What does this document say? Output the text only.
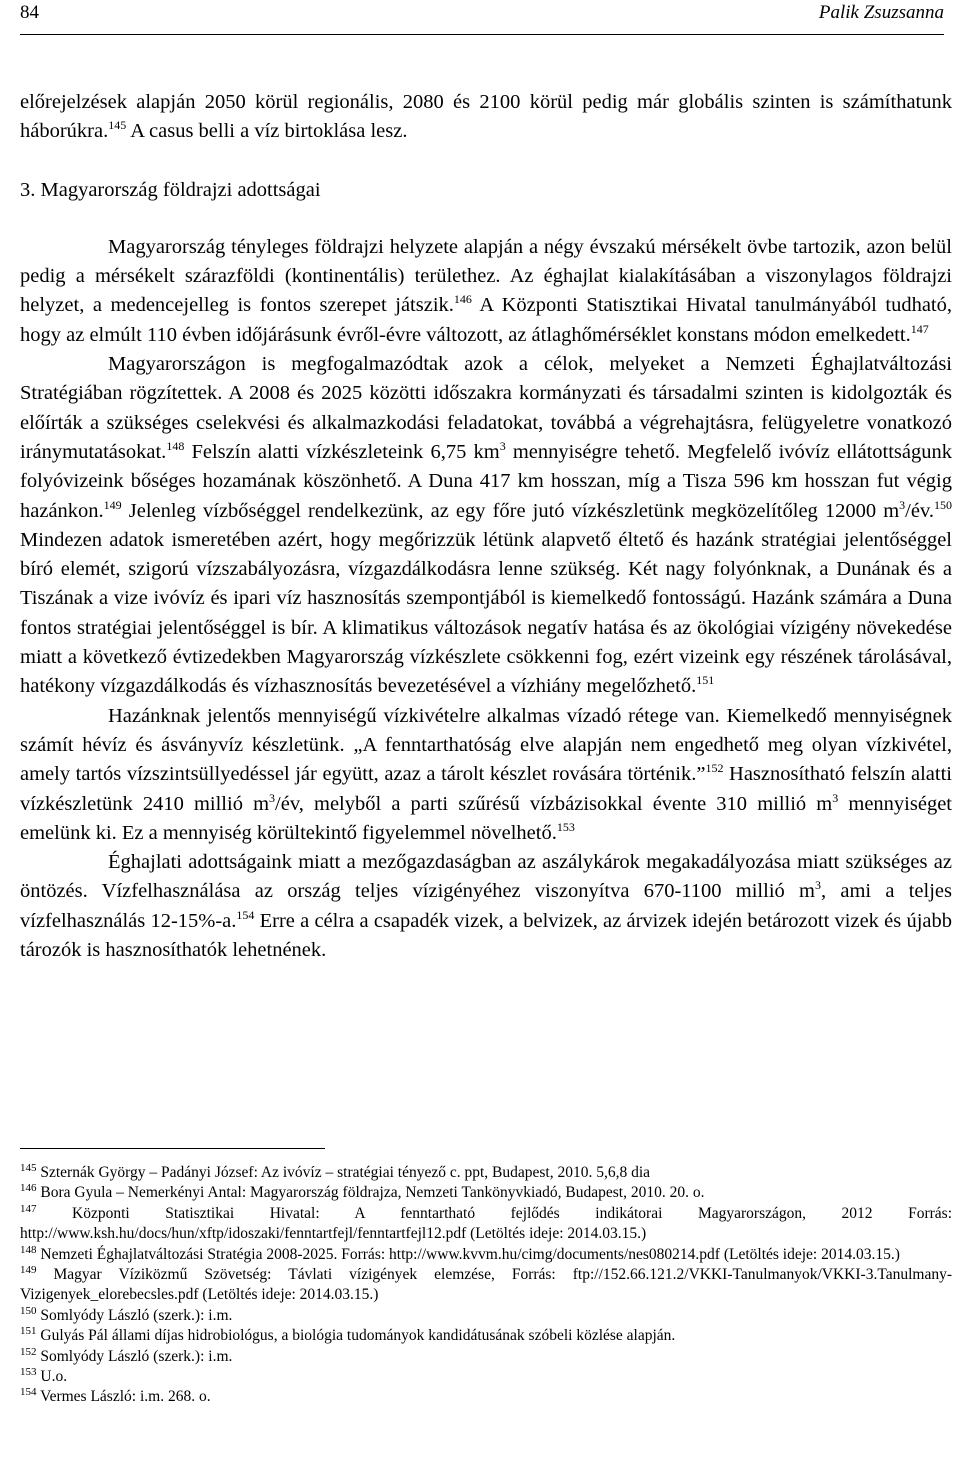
84	Palik Zsuzsanna

előrejelzések alapján 2050 körül regionális, 2080 és 2100 körül pedig már globális szinten is számíthatunk háborúkra.$^{145}$ A casus belli a víz birtoklása lesz.

3. Magyarország földrajzi adottságai

Magyarország tényleges földrajzi helyzete alapján a négy évszakú mérsékelt övbe tartozik, azon belül pedig a mérsékelt szárazföldi (kontinentális) területhez. Az éghajlat kialakításában a viszonylagos földrajzi helyzet, a medencejelleg is fontos szerepet játszik.$^{146}$ A Központi Statisztikai Hivatal tanulmányából tudható, hogy az elmúlt 110 évben időjárásunk évről-évre változott, az átlaghőmérséklet konstans módon emelkedett.$^{147}$

Magyarországon is megfogalmazódtak azok a célok, melyeket a Nemzeti Éghajlatváltozási Stratégiában rögzítettek. A 2008 és 2025 közötti időszakra kormányzati és társadalmi szinten is kidolgozták és előírták a szükséges cselekvési és alkalmazkodási feladatokat, továbbá a végrehajtásra, felügyeletre vonatkozó iránymutatásokat.$^{148}$ Felszín alatti vízkészleteink 6,75 $km^3$ mennyiségre tehető. Megfelelő ivóvíz ellátottságunk folyóvizeink bőséges hozamának köszönhető. A Duna 417 km hosszan, míg a Tisza 596 km hosszan fut végig hazánkon.$^{149}$ Jelenleg vízbőséggel rendelkezünk, az egy főre jutó vízkészletünk megközelítőleg 12000 $m^3/év.^{150}$ Mindezen adatok ismeretében azért, hogy megőrizzük létünk alapvető éltető és hazánk stratégiai jelentőséggel bíró elemét, szigorú vízszabályozásra, vízgazdálkodásra lenne szükség. Két nagy folyónknak, a Dunának és a Tiszának a vize ivóvíz és ipari víz hasznosítás szempontjából is kiemelkedő fontosságú. Hazánk számára a Duna fontos stratégiai jelentőséggel is bír. A klimatikus változások negatív hatása és az ökológiai vízigény növekedése miatt a következő évtizedekben Magyarország vízkészlete csökkenni fog, ezért vizeink egy részének tárolásával, hatékony vízgazdálkodás és vízhasznosítás bevezetésével a vízhiány megelőzhető.$^{151}$

Hazánknak jelentős mennyiségű vízkivételre alkalmas vízadó rétege van. Kiemelkedő mennyiségnek számít hévíz és ásványvíz készletünk. „A fenntarthatóság elve alapján nem engedhető meg olyan vízkivétel, amely tartós vízszintsüllyedéssel jár együtt, azaz a tárolt készlet rovására történik.”$^{152}$ Hasznosítható felszín alatti vízkészletünk 2410 millió $m^3/év$, melyből a parti szűrésű vízbázisokkal évente 310 millió $m^3$ mennyiséget emelünk ki. Ez a mennyiség körültekintő figyelemmel növelhető.$^{153}$

Éghajlati adottságaink miatt a mezőgazdaságban az aszálykárok megakadályozása miatt szükséges az öntözés. Vízfelhasználása az ország teljes vízigényéhez viszonyítva 670-1100 millió $m^3$, ami a teljes vízfelhasználás 12-15%-a.$^{154}$ Erre a célra a csapadék vizek, a belvizek, az árvizek idején betározott vizek és újabb tározók is hasznosíthatók lehetnének.

$^{145}$ Szternák György – Padányi József: Az ivóvíz – stratégiai tényező c. ppt, Budapest, 2010. 5,6,8 dia

$^{146}$ Bora Gyula – Nemerkényi Antal: Magyarország földrajza, Nemzeti Tankönyvkiadó, Budapest, 2010. 20. o.

$^{147}$ Központi Statisztikai Hivatal: A fenntartható fejlődés indikátorai Magyarországon, 2012 Forrás: http://www.ksh.hu/docs/hun/xftp/idoszaki/fenntartfejl/fenntartfejl12.pdf (Letöltés ideje: 2014.03.15.)

$^{148}$ Nemzeti Éghajlatváltozási Stratégia 2008-2025. Forrás: http://www.kvvm.hu/cimg/documents/nes080214.pdf (Letöltés ideje: 2014.03.15.)

$^{149}$ Magyar Víziközmű Szövetség: Távlati vízigények elemzése, Forrás: ftp://152.66.121.2/VKKI-Tanulmanyok/VKKI-3.Tanulmany-Vizigenyek_elorebecsles.pdf (Letöltés ideje: 2014.03.15.)

$^{150}$ Somlyódy László (szerk.): i.m.

$^{151}$ Gulyás Pál állami díjas hidrobiológus, a biológia tudományok kandidátusának szóbeli közlése alapján.

$^{152}$ Somlyódy László (szerk.): i.m.

$^{153}$ U.o.

$^{154}$ Vermes László: i.m. 268. o.
